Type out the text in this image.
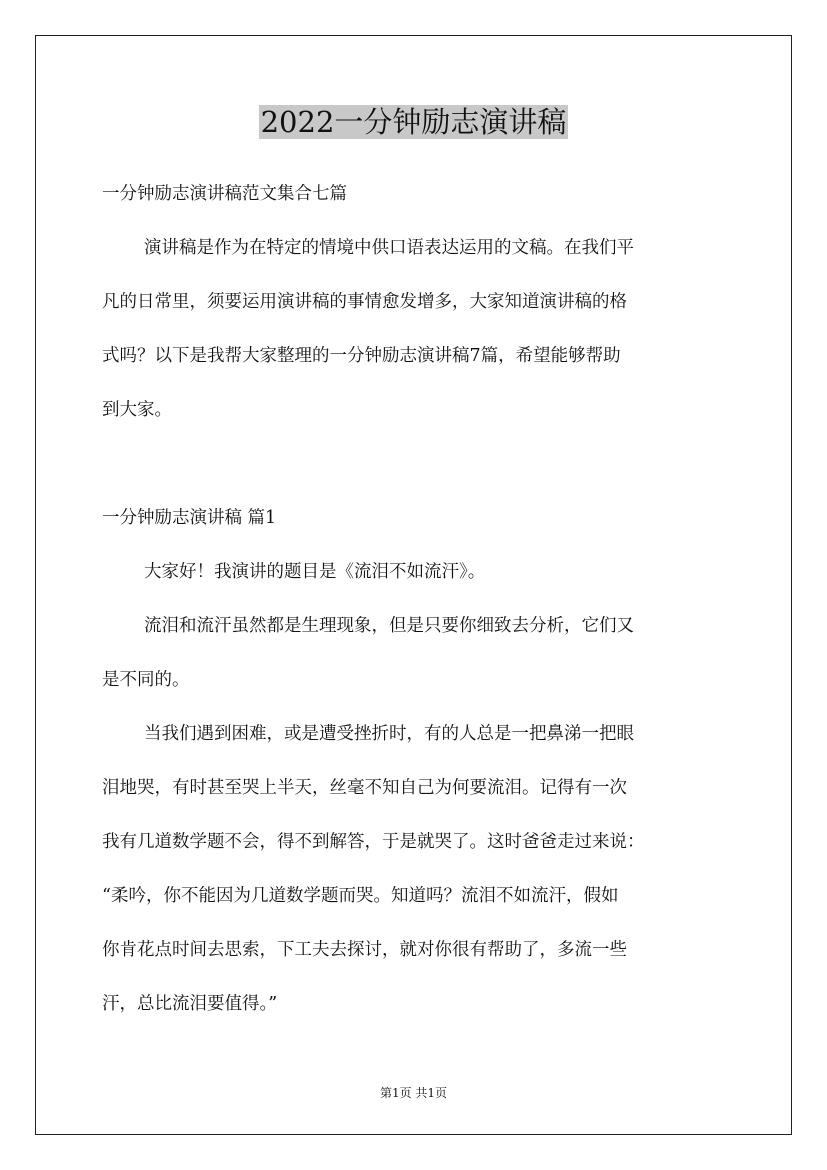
2022一分钟励志演讲稿

一分钟励志演讲稿范文集合七篇

演讲稿是作为在特定的情境中供口语表达运用的文稿。在我们平

凡的日常里，须要运用演讲稿的事情愈发增多，大家知道演讲稿的格

式吗？以下是我帮大家整理的一分钟励志演讲稿7篇，希望能够帮助

到大家。

一分钟励志演讲稿 篇1

大家好！我演讲的题目是《流泪不如流汗》。

流泪和流汗虽然都是生理现象，但是只要你细致去分析，它们又

是不同的。

当我们遇到困难，或是遭受挫折时，有的人总是一把鼻涕一把眼

泪地哭，有时甚至哭上半天，丝毫不知自己为何要流泪。记得有一次

我有几道数学题不会，得不到解答，于是就哭了。这时爸爸走过来说：

“柔吟，你不能因为几道数学题而哭。知道吗？流泪不如流汗，假如

你肯花点时间去思索，下工夫去探讨，就对你很有帮助了，多流一些

汗，总比流泪要值得。”

第1页 共1页
